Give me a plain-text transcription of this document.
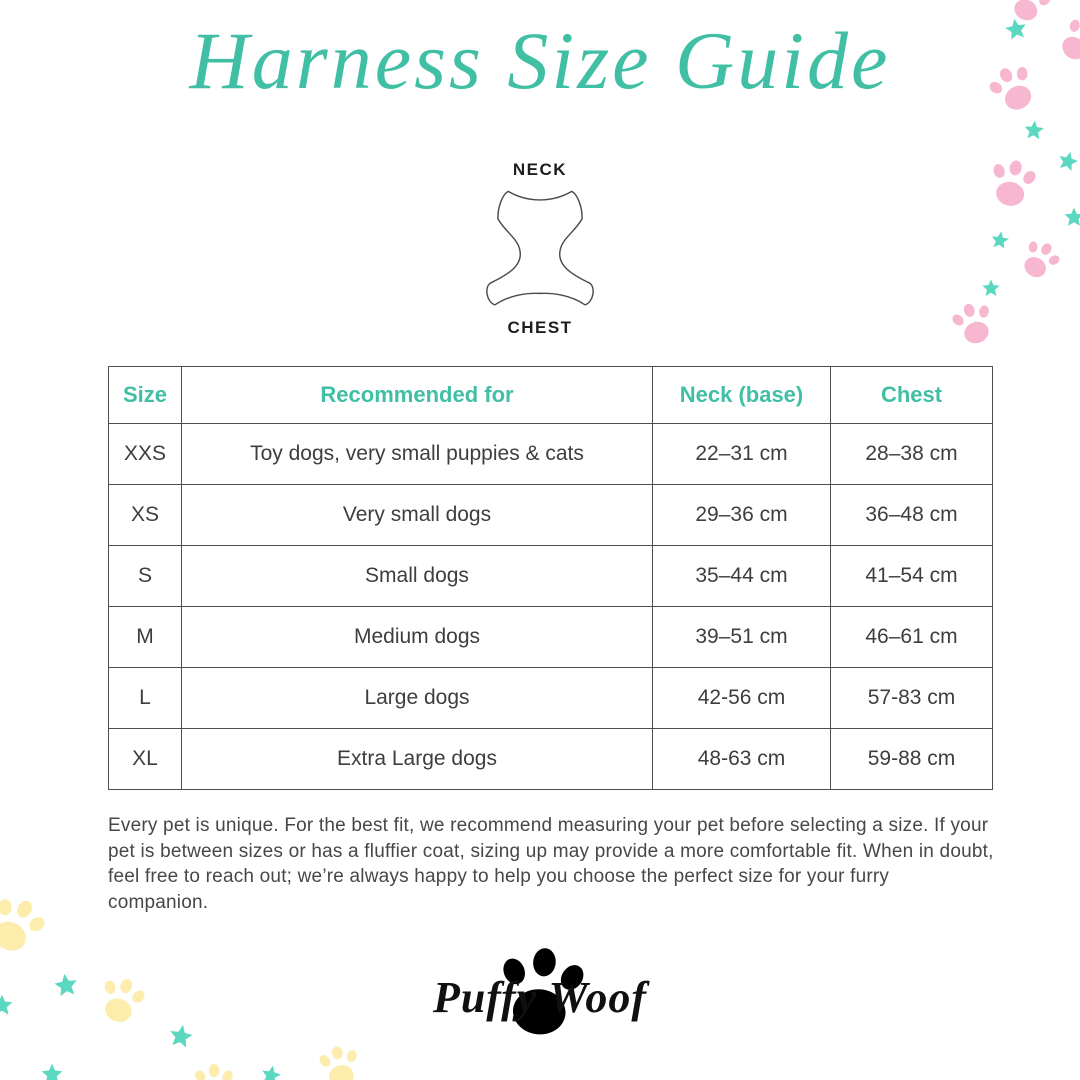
Harness Size Guide
NECK
CHEST
Size	Recommended for	Neck (base)	Chest
XXS	Toy dogs, very small puppies & cats	22–31 cm	28–38 cm
XS	Very small dogs	29–36 cm	36–48 cm
S	Small dogs	35–44 cm	41–54 cm
M	Medium dogs	39–51 cm	46–61 cm
L	Large dogs	42-56 cm	57-83 cm
XL	Extra Large dogs	48-63 cm	59-88 cm

Every pet is unique. For the best fit, we recommend measuring your pet before selecting a size. If your pet is between sizes or has a fluffier coat, sizing up may provide a more comfortable fit. When in doubt, feel free to reach out; we’re always happy to help you choose the perfect size for your furry companion.

Puffy Woof
